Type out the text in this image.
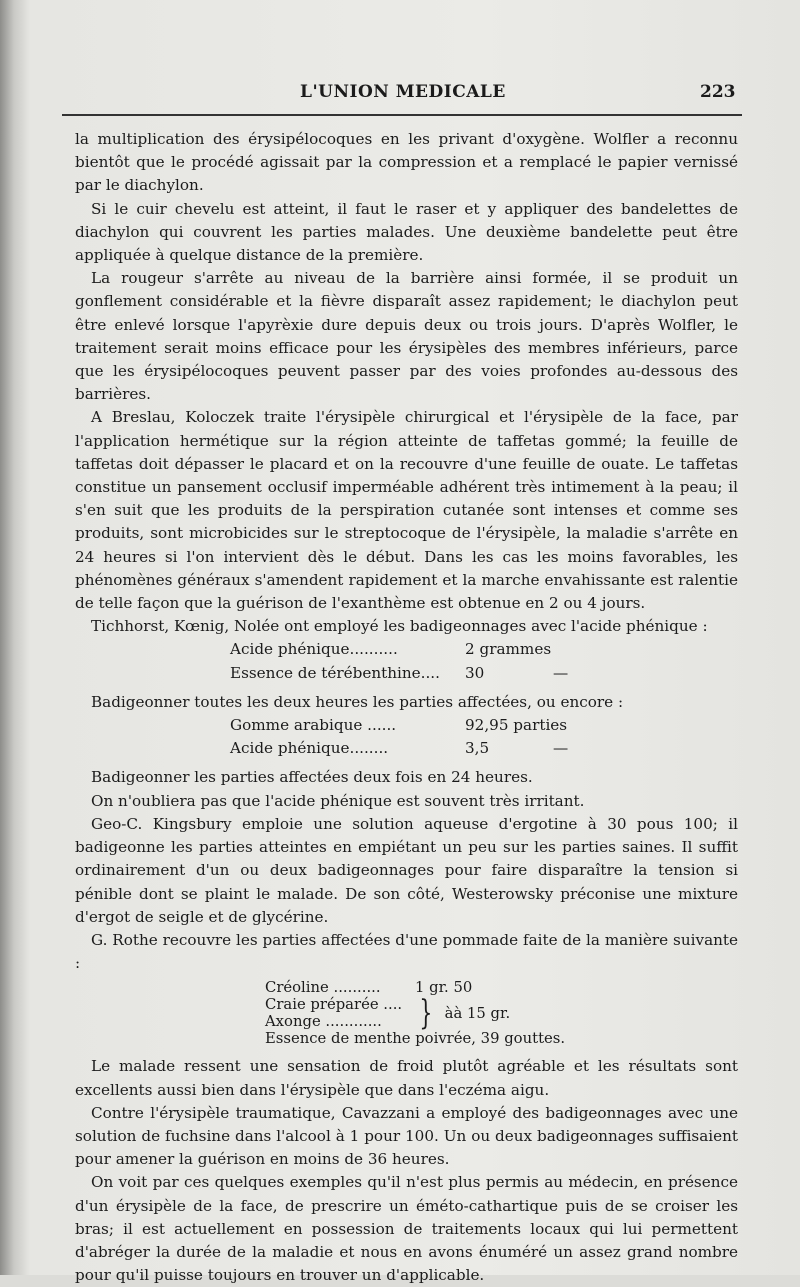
L'UNION MEDICALE	223

la multiplication des érysipélocoques en les privant d'oxygène. Wolfler a reconnu bientôt que le procédé agissait par la compression et a remplacé le papier vernissé par le diachylon.

Si le cuir chevelu est atteint, il faut le raser et y appliquer des bandelettes de diachylon qui couvrent les parties malades. Une deuxième bandelette peut être appliquée à quelque distance de la première.

La rougeur s'arrête au niveau de la barrière ainsi formée, il se produit un gonflement considérable et la fièvre disparaît assez rapidement; le diachylon peut être enlevé lorsque l'apyrèxie dure depuis deux ou trois jours. D'après Wolfler, le traitement serait moins efficace pour les érysipèles des membres inférieurs, parce que les érysipélocoques peuvent passer par des voies profondes au-dessous des barrières.

A Breslau, Koloczek traite l'érysipèle chirurgical et l'érysipèle de la face, par l'application hermétique sur la région atteinte de taffetas gommé; la feuille de taffetas doit dépasser le placard et on la recouvre d'une feuille de ouate. Le taffetas constitue un pansement occlusif imperméable adhérent très intimement à la peau; il s'en suit que les produits de la perspiration cutanée sont intenses et comme ses produits, sont microbicides sur le streptocoque de l'érysipèle, la maladie s'arrête en 24 heures si l'on intervient dès le début. Dans les cas les moins favorables, les phénomènes généraux s'amendent rapidement et la marche envahissante est ralentie de telle façon que la guérison de l'exanthème est obtenue en 2 ou 4 jours.

Tichhorst, Kœnig, Nolée ont employé les badigeonnages avec l'acide phénique :

Acide phénique..........	2 grammes
Essence de térébenthine....	30	—

Badigeonner toutes les deux heures les parties affectées, ou encore :

Gomme arabique ......	92,95 parties
Acide phénique........	3,5	—

Badigeonner les parties affectées deux fois en 24 heures.

On n'oubliera pas que l'acide phénique est souvent très irritant.

Geo-C. Kingsbury emploie une solution aqueuse d'ergotine à 30 pous 100; il badigeonne les parties atteintes en empiétant un peu sur les parties saines. Il suffit ordinairement d'un ou deux badigeonnages pour faire disparaître la tension si pénible dont se plaint le malade. De son côté, Westerowsky préconise une mixture d'ergot de seigle et de glycérine.

G. Rothe recouvre les parties affectées d'une pommade faite de la manière suivante :

Créoline ..........	1 gr. 50
Craie préparée ....
Axonge ............	} àà 15 gr.
Essence de menthe poivrée, 39 gouttes.

Le malade ressent une sensation de froid plutôt agréable et les résultats sont excellents aussi bien dans l'érysipèle que dans l'eczéma aigu.

Contre l'érysipèle traumatique, Cavazzani a employé des badigeonnages avec une solution de fuchsine dans l'alcool à 1 pour 100. Un ou deux badigeonnages suffisaient pour amener la guérison en moins de 36 heures.

On voit par ces quelques exemples qu'il n'est plus permis au médecin, en présence d'un érysipèle de la face, de prescrire un éméto-cathartique puis de se croiser les bras; il est actuellement en possession de traitements locaux qui lui permettent d'abréger la durée de la maladie et nous en avons énuméré un assez grand nombre pour qu'il puisse toujours en trouver un d'applicable.
